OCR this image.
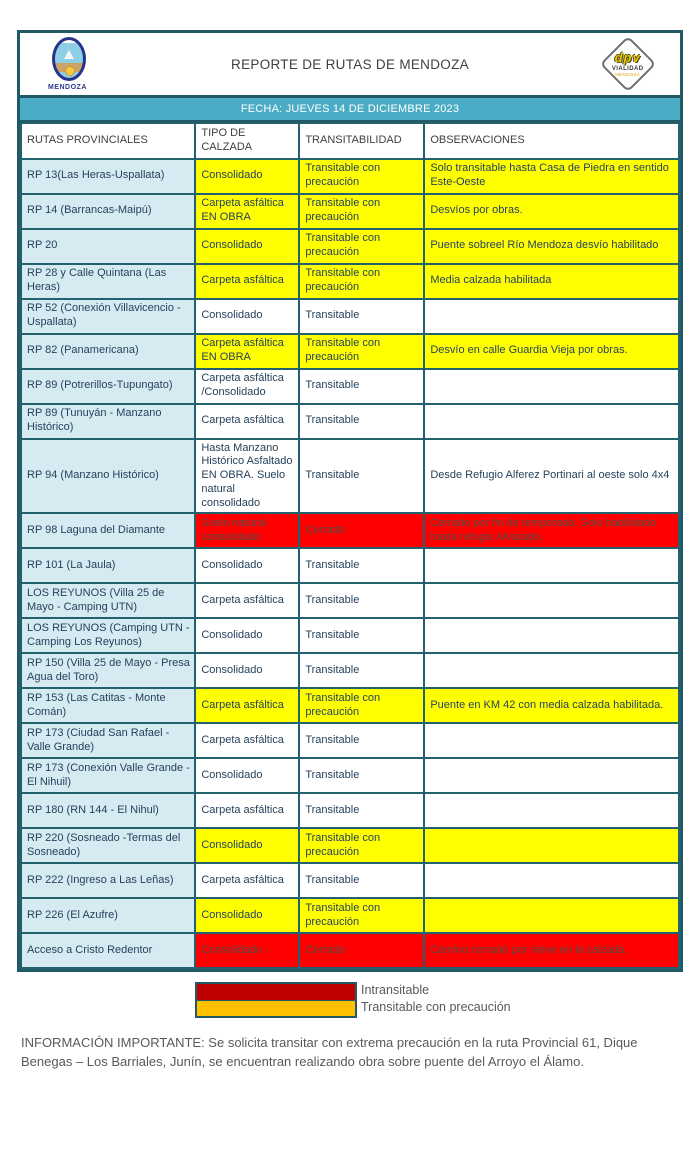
MENDOZA
REPORTE DE RUTAS DE MENDOZA	dpv
VIALIDAD
MENDOZA
FECHA: JUEVES 14 DE DICIEMBRE 2023
RUTAS PROVINCIALES	TIPO DE CALZADA	TRANSITABILIDAD	OBSERVACIONES
RP 13(Las Heras-Uspallata)	Consolidado	Transitable con precaución	Solo transitable hasta Casa de Piedra en sentido Este-Oeste
RP 14 (Barrancas-Maipú)	Carpeta asfáltica EN OBRA	Transitable con precaución	Desvíos por obras.
RP 20	Consolidado	Transitable con precaución	Puente sobreel Río Mendoza desvío habilitado
RP 28 y Calle Quintana (Las Heras)	Carpeta asfáltica	Transitable con precaución	Media calzada habilitada
RP 52 (Conexión Villavicencio - Uspallata)	Consolidado	Transitable	
RP 82 (Panamericana)	Carpeta asfáltica EN OBRA	Transitable con precaución	Desvío en calle Guardia Vieja por obras.
RP 89 (Potrerillos-Tupungato)	Carpeta asfáltica /Consolidado	Transitable	
RP 89 (Tunuyán - Manzano Histórico)	Carpeta asfáltica	Transitable	
RP 94 (Manzano Histórico)	Hasta Manzano Histórico Asfaltado EN OBRA. Suelo natural consolidado	Transitable	Desde Refugio Alferez Portinari al oeste solo 4x4
RP 98 Laguna del Diamante	Suelo natural consolidado	Cerrado	Cerrado por fin de temporada. Solo habilidado hasta refugio Alvarado.
RP 101 (La Jaula)	Consolidado	Transitable	
LOS REYUNOS (Villa 25 de Mayo - Camping UTN)	Carpeta asfáltica	Transitable	
LOS REYUNOS (Camping UTN - Camping Los Reyunos)	Consolidado	Transitable	
RP 150 (Villa 25 de Mayo - Presa Agua del Toro)	Consolidado	Transitable	
RP 153 (Las Catitas - Monte Comán)	Carpeta asfáltica	Transitable con precaución	Puente en KM 42 con media calzada habilitada.
RP 173 (Ciudad San Rafael - Valle Grande)	Carpeta asfáltica	Transitable	
RP 173 (Conexión Valle Grande - El Nihuil)	Consolidado	Transitable	
RP 180 (RN 144 - El Nihul)	Carpeta asfáltica	Transitable	
RP 220 (Sosneado -Termas del Sosneado)	Consolidado	Transitable con precaución	
RP 222 (Ingreso a Las Leñas)	Carpeta asfáltica	Transitable	
RP 226 (El Azufre)	Consolidado	Transitable con precaución	
Acceso a Cristo Redentor	Consolidado	Cerrado	Camino cerrado por nieve en la calzada.
Intransitable
Transitable con precaución

INFORMACIÓN IMPORTANTE: Se solicita transitar con extrema precaución en la ruta Provincial 61, Dique Benegas – Los Barriales, Junín, se encuentran realizando obra sobre puente del Arroyo el Álamo.
